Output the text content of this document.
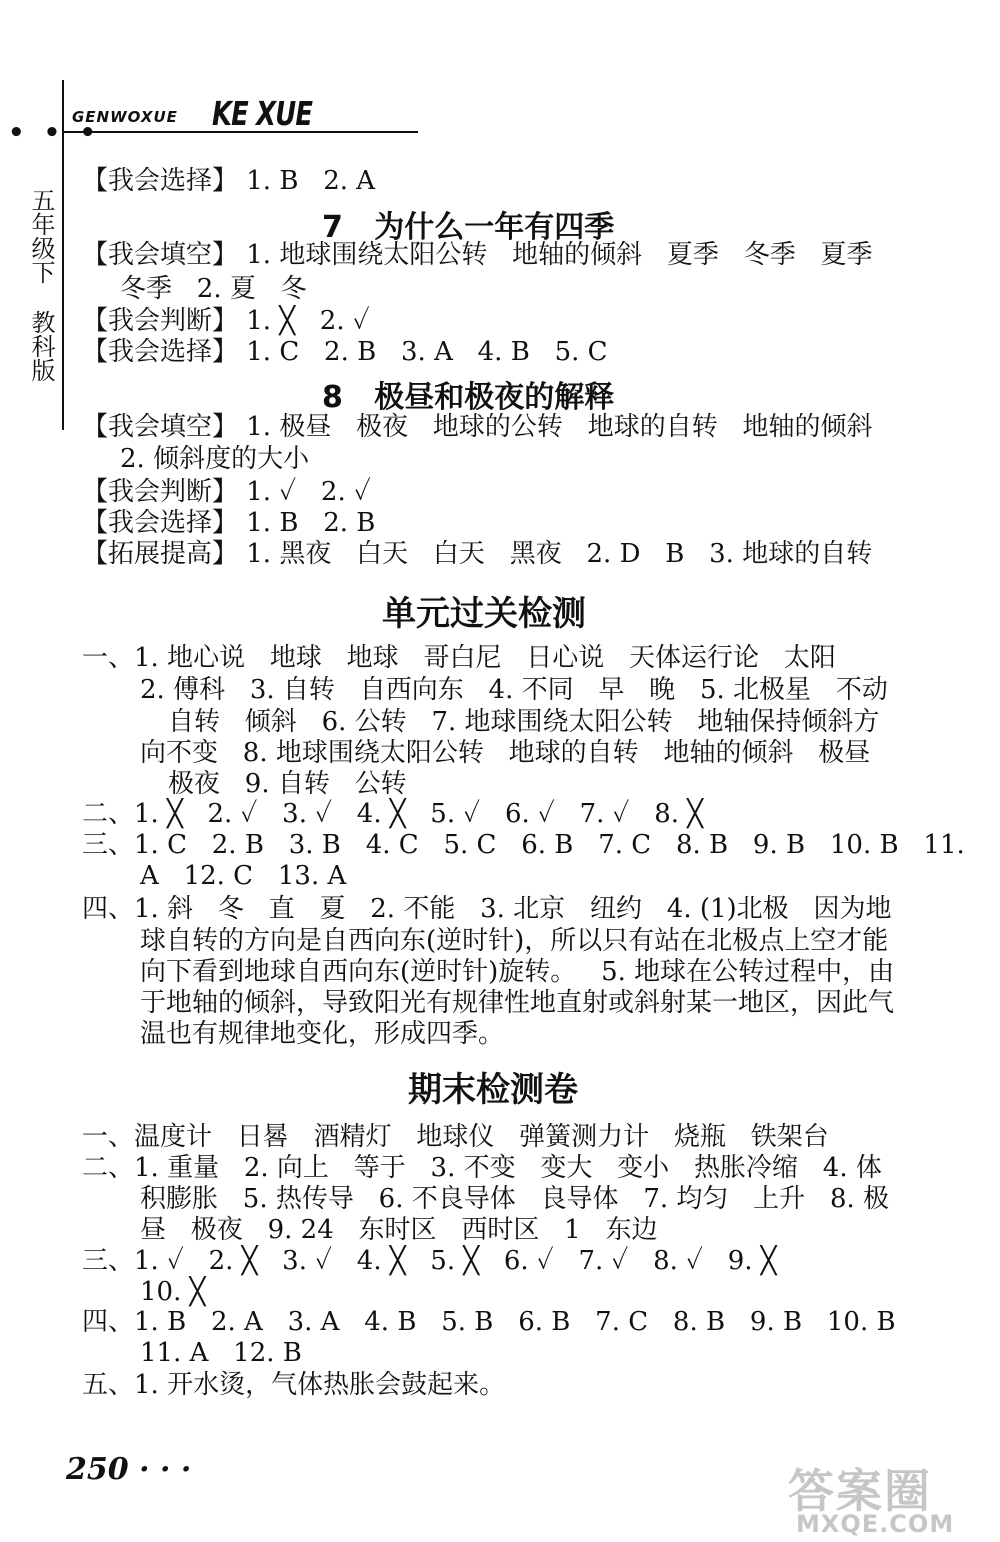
• • •
GENWOXUE KE XUE
五年级下
教科版
【我会选择】 1. B   2. A
7   为什么一年有四季
【我会填空】 1. 地球围绕太阳公转   地轴的倾斜   夏季   冬季   夏季
冬季   2. 夏   冬
【我会判断】 1. ╳   2. ✓
【我会选择】 1. C   2. B   3. A   4. B   5. C
8   极昼和极夜的解释
【我会填空】 1. 极昼   极夜   地球的公转   地球的自转   地轴的倾斜
2. 倾斜度的大小
【我会判断】 1. ✓   2. ✓
【我会选择】 1. B   2. B
【拓展提高】 1. 黑夜   白天   白天   黑夜   2. D   B   3. 地球的自转
单元过关检测
一、1. 地心说   地球   地球   哥白尼   日心说   天体运行论   太阳
2. 傅科   3. 自转   自西向东   4. 不同   早   晚   5. 北极星   不动
自转   倾斜   6. 公转   7. 地球围绕太阳公转   地轴保持倾斜方
向不变   8. 地球围绕太阳公转   地球的自转   地轴的倾斜   极昼
极夜   9. 自转   公转
二、1. ╳   2. ✓   3. ✓   4. ╳   5. ✓   6. ✓   7. ✓   8. ╳
三、1. C   2. B   3. B   4. C   5. C   6. B   7. C   8. B   9. B   10. B   11.
A   12. C   13. A
四、1. 斜   冬   直   夏   2. 不能   3. 北京   纽约   4. (1)北极   因为地
球自转的方向是自西向东(逆时针)，所以只有站在北极点上空才能
向下看到地球自西向东(逆时针)旋转。   5. 地球在公转过程中，由
于地轴的倾斜，导致阳光有规律性地直射或斜射某一地区，因此气
温也有规律地变化，形成四季。
期末检测卷
一、温度计   日晷   酒精灯   地球仪   弹簧测力计   烧瓶   铁架台
二、1. 重量   2. 向上   等于   3. 不变   变大   变小   热胀冷缩   4. 体
积膨胀   5. 热传导   6. 不良导体   良导体   7. 均匀   上升   8. 极
昼   极夜   9. 24   东时区   西时区   1   东边
三、1. ✓   2. ╳   3. ✓   4. ╳   5. ╳   6. ✓   7. ✓   8. ✓   9. ╳
10. ╳
四、1. B   2. A   3. A   4. B   5. B   6. B   7. C   8. B   9. B   10. B
11. A   12. B
五、1. 开水烫，气体热胀会鼓起来。
250 · · ·	答案圈
MXQE.COM
